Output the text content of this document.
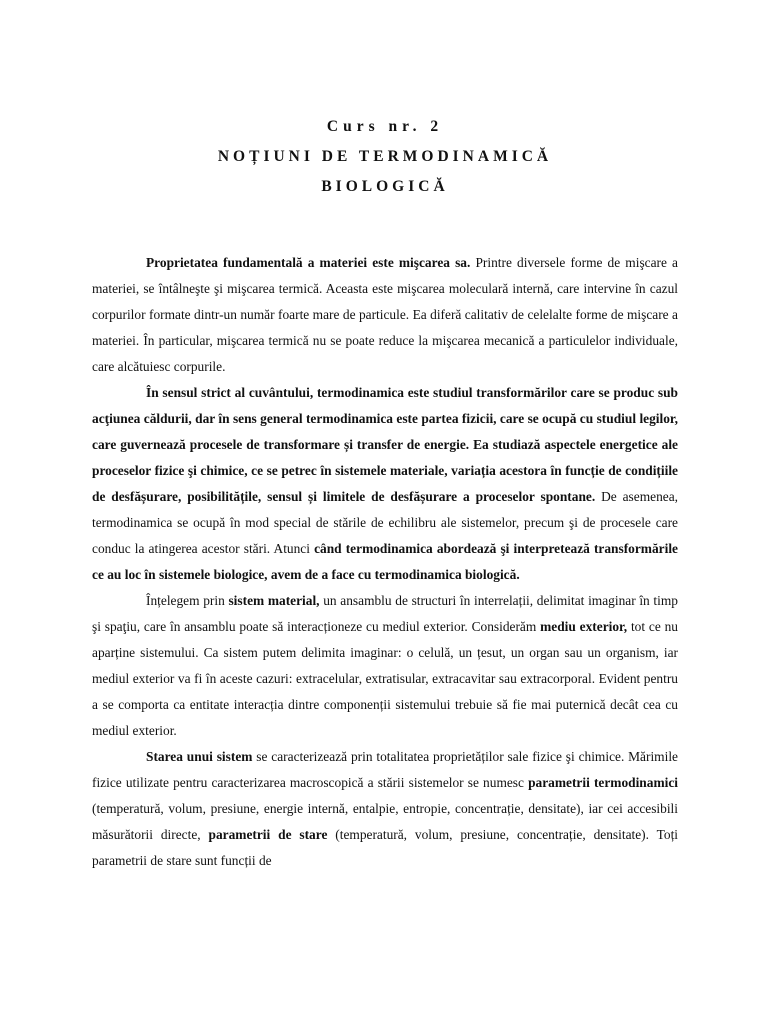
Curs nr. 2

NOȚIUNI DE TERMODINAMICĂ

BIOLOGICĂ

Proprietatea fundamentală a materiei este mişcarea sa. Printre diversele forme de mişcare a materiei, se întâlneşte şi mişcarea termică. Aceasta este mişcarea moleculară internă, care intervine în cazul corpurilor formate dintr-un număr foarte mare de particule. Ea diferă calitativ de celelalte forme de mişcare a materiei. În particular, mişcarea termică nu se poate reduce la mişcarea mecanică a particulelor individuale, care alcătuiesc corpurile.

În sensul strict al cuvântului, termodinamica este studiul transformărilor care se produc sub acţiunea căldurii, dar în sens general termodinamica este partea fizicii, care se ocupă cu studiul legilor, care guvernează procesele de transformare și transfer de energie. Ea studiază aspectele energetice ale proceselor fizice şi chimice, ce se petrec în sistemele materiale, variația acestora în funcție de condițiile de desfășurare, posibilitățile, sensul și limitele de desfășurare a proceselor spontane. De asemenea, termodinamica se ocupă în mod special de stările de echilibru ale sistemelor, precum şi de procesele care conduc la atingerea acestor stări. Atunci când termodinamica abordează şi interpretează transformările ce au loc în sistemele biologice, avem de a face cu termodinamica biologică.

Înțelegem prin sistem material, un ansamblu de structuri în interrelații, delimitat imaginar în timp şi spaţiu, care în ansamblu poate să interacționeze cu mediul exterior. Considerăm mediu exterior, tot ce nu aparține sistemului. Ca sistem putem delimita imaginar: o celulă, un țesut, un organ sau un organism, iar mediul exterior va fi în aceste cazuri: extracelular, extratisular, extracavitar sau extracorporal. Evident pentru a se comporta ca entitate interacția dintre componenții sistemului trebuie să fie mai puternică decât cea cu mediul exterior.

Starea unui sistem se caracterizează prin totalitatea proprietăților sale fizice şi chimice. Mărimile fizice utilizate pentru caracterizarea macroscopică a stării sistemelor se numesc parametrii termodinamici (temperatură, volum, presiune, energie internă, entalpie, entropie, concentrație, densitate), iar cei accesibili măsurătorii directe, parametrii de stare (temperatură, volum, presiune, concentrație, densitate). Toți parametrii de stare sunt funcții de
